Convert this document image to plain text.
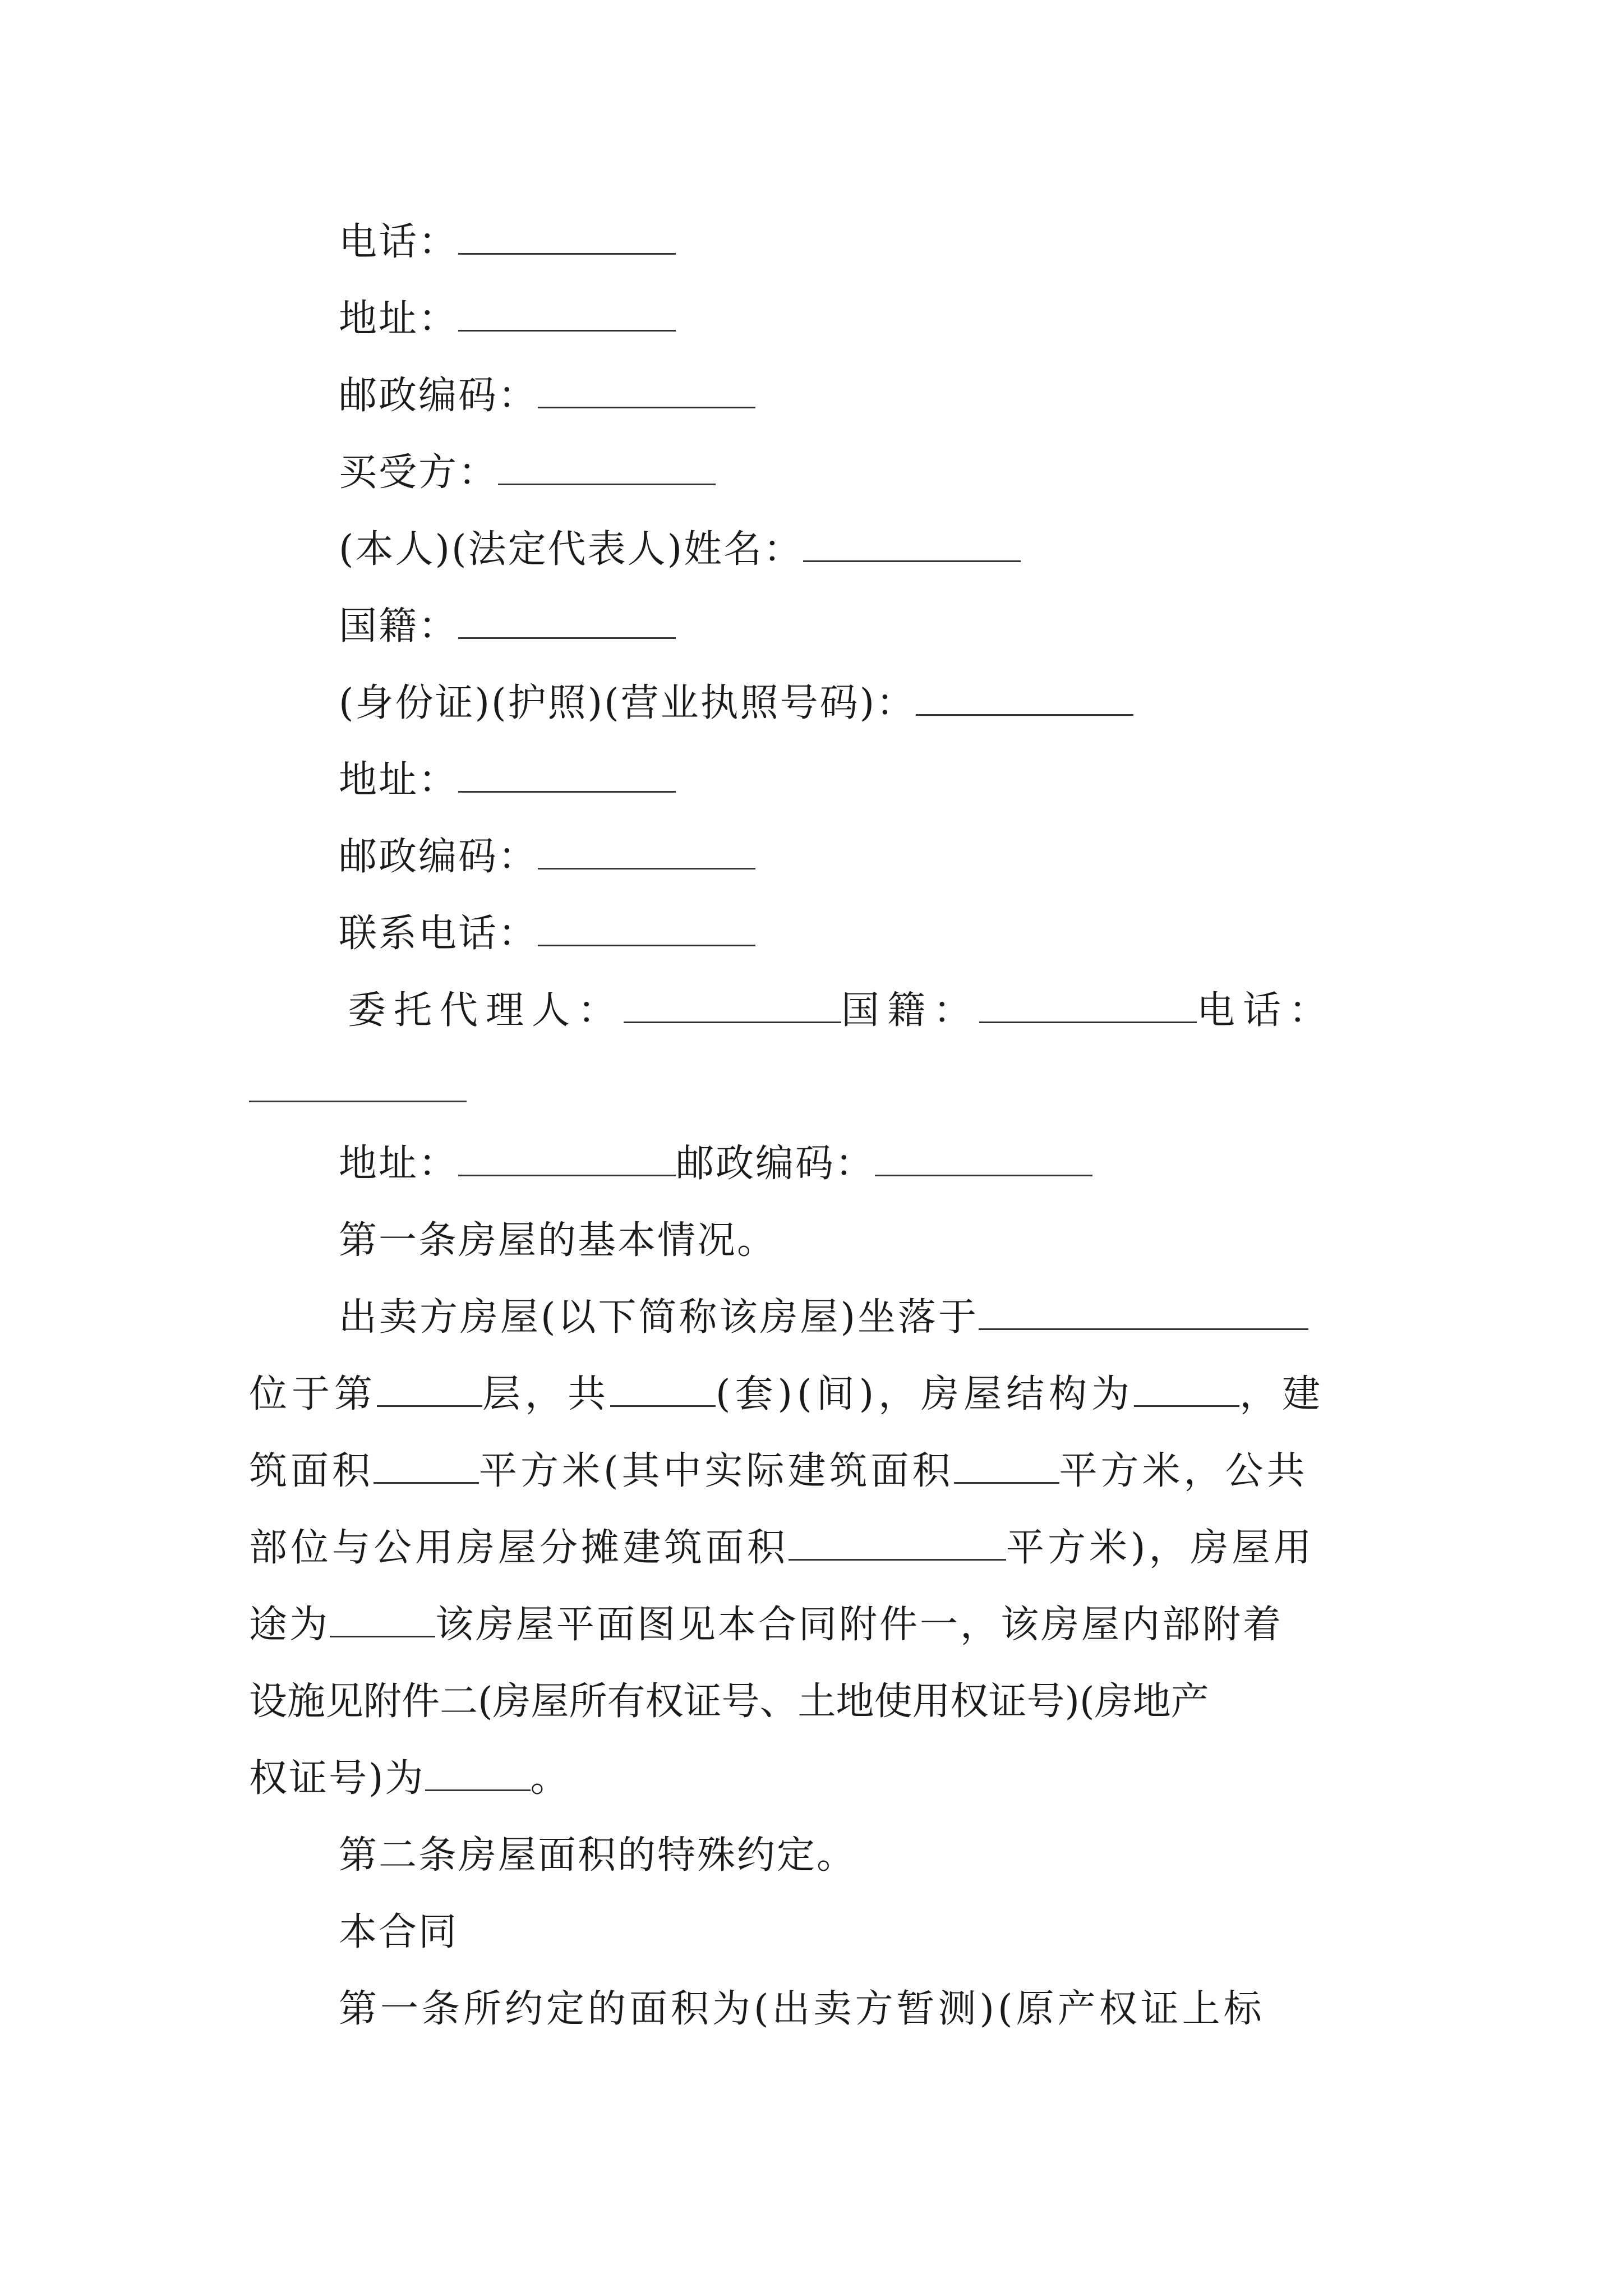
电话：
地址：
邮政编码：
买受方：
(本人)(法定代表人)姓名：
国籍：
(身份证)(护照)(营业执照号码)：
地址：
邮政编码：
联系电话：
委托代理人：	国籍：	电话：
地址：	邮政编码：
第一条房屋的基本情况。
出卖方房屋(以下简称该房屋)坐落于
位于第	层，共	(套)(间)，房屋结构为	，建
筑面积	平方米(其中实际建筑面积	平方米，公共
部位与公用房屋分摊建筑面积	平方米)，房屋用
途为	该房屋平面图见本合同附件一，该房屋内部附着
设施见附件二(房屋所有权证号、土地使用权证号)(房地产
权证号)为	。
第二条房屋面积的特殊约定。
本合同
第一条所约定的面积为(出卖方暂测)(原产权证上标
